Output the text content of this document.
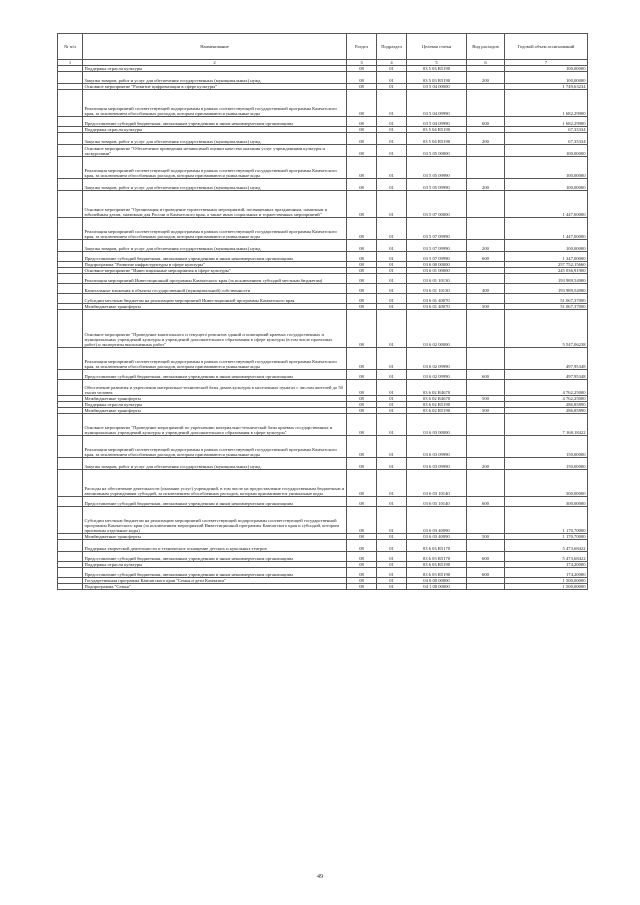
№ п/п	Наименование	Раздел	Подраздел	Целевая статья	Вид расходов	Годовой объем ассигнований
1	2	3	4	5	6	7
	Поддержка отрасли культуры	08	01	03 5 03 R5190		100,00000
	Закупка товаров, работ и услуг для обеспечения государственных (муниципальных) нужд	08	01	03 5 03 R5190	200	100,00000
	Основное мероприятие "Развитие цифровизации в сфере культуры"	08	01	03 5 04 00000		1 749,63234
	Реализация мероприятий соответствующей подпрограммы в рамках соответствующей государственной программы Камчатского края, за исключением обособленных расходов, которым присваиваются уникальные коды	08	01	03 5 04 09990		1 682,29900
	Предоставление субсидий бюджетным, автономным учреждениям и иным некоммерческим организациям	08	01	03 5 04 09990	600	1 682,29900
	Поддержка отрасли культуры	08	01	03 5 04 R5190		67,33334
	Закупка товаров, работ и услуг для обеспечения государственных (муниципальных) нужд	08	01	03 5 04 R5190	200	67,33334
	Основное мероприятие "Обеспечение проведения независимой оценки качества оказания услуг учреждениями культуры и экскурсиями"	08	01	03 5 05 00000		100,00000
	Реализация мероприятий соответствующей подпрограммы в рамках соответствующей государственной программы Камчатского края, за исключением обособленных расходов, которым присваиваются уникальные коды	08	01	03 5 05 09990		100,00000
	Закупка товаров, работ и услуг для обеспечения государственных (муниципальных) нужд	08	01	03 5 05 09990	200	100,00000
	Основное мероприятие "Организация и проведение торжественных мероприятий, посвященных праздничным, памятным и юбилейным датам, значимым для России и Камчатского края, а также иных социальных и торжественных мероприятий"	08	01	03 5 07 00000		1 447,00000
	Реализация мероприятий соответствующей подпрограммы в рамках соответствующей государственной программы Камчатского края, за исключением обособленных расходов, которым присваиваются уникальные коды	08	01	03 5 07 09990		1 447,00000
	Закупка товаров, работ и услуг для обеспечения государственных (муниципальных) нужд	08	01	03 5 07 09990	200	100,00000
	Предоставление субсидий бюджетным, автономным учреждениям и иным некоммерческим организациям	08	01	03 5 07 09990	600	1 347,00000
	Подпрограмма "Развитие инфраструктуры в сфере культуры"	08	01	03 6 00 00000		257 752,15660
	Основное мероприятие "Инвестиционные мероприятия в сфере культуры"	08	01	03 6 01 00000		245 036,91900
	Реализация мероприятий Инвестиционной программы Камчатского края (за исключением субсидий местным бюджетам)	08	01	03 6 01 10130		193 989,54900
	Капитальные вложения в объекты государственной (муниципальной) собственности	08	01	03 6 01 10130	400	193 989,54900
	Субсидии местным бюджетам на реализацию мероприятий Инвестиционной программы Камчатского края	08	01	03 6 01 40070		51 067,37000
	Межбюджетные трансферты	08	01	03 6 01 40070	500	51 067,37000
	Основное мероприятие "Проведение капитального и текущего ремонтов зданий и помещений краевых государственных и муниципальных учреждений культуры и учреждений дополнительного образования в сфере культуры (в том числе проектных работ) и экспертизы выполненных работ"	08	01	03 6 02 00000		5 547,06238
	Реализация мероприятий соответствующей подпрограммы в рамках соответствующей государственной программы Камчатского края, за исключением обособленных расходов, которым присваиваются уникальные коды	08	01	03 6 02 09990		497,95348
	Предоставление субсидий бюджетным, автономным учреждениям и иным некоммерческим организациям	08	01	03 6 02 09990	600	497,95348
	Обеспечение развития и укрепления материально-технической базы домов культуры в населенных пунктах с числом жителей до 50 тысяч человек	08	01	03 6 02 R4670		4 762,25000
	Межбюджетные трансферты	08	01	03 6 02 R4670	500	4 762,25000
	Поддержка отрасли культуры	08	01	03 6 02 R5190		286,85890
	Межбюджетные трансферты	08	01	03 6 02 R5190	500	286,85890
	Основное мероприятие "Проведение мероприятий по укреплению материально-технической базы краевых государственных и муниципальных учреждений культуры и учреждений дополнительного образования в сфере культуры"	08	01	03 6 03 00000		7 168,18422
	Реализация мероприятий соответствующей подпрограммы в рамках соответствующей государственной программы Камчатского края, за исключением обособленных расходов, которым присваиваются уникальные коды	08	01	03 6 03 09990		150,00000
	Закупка товаров, работ и услуг для обеспечения государственных (муниципальных) нужд	08	01	03 6 03 09990	200	150,00000
	Расходы на обеспечение деятельности (оказание услуг) учреждений, в том числе на предоставление государственным бюджетным и автономным учреждениям субсидий, за исключением обособленных расходов, которым присваиваются уникальные коды	08	01	03 6 03 10140		300,00000
	Предоставление субсидий бюджетным, автономным учреждениям и иным некоммерческим организациям	08	01	03 6 03 10140	600	300,00000
	Субсидии местным бюджетам на реализацию мероприятий соответствующей подпрограммы соответствующей государственной программы Камчатского края (за исключением мероприятий Инвестиционной программы Камчатского края и субсидий, которым присвоены отдельные коды)	08	01	03 6 03 40090		1 170,70000
	Межбюджетные трансферты	08	01	03 6 03 40090	500	1 170,70000
	Поддержка творческой деятельности и техническое оснащение детских и кукольных театров	08	01	03 6 03 R5170		5 473,68422
	Предоставление субсидий бюджетным, автономным учреждениям и иным некоммерческим организациям	08	01	03 6 03 R5170	600	5 473,68422
	Поддержка отрасли культуры	08	01	03 6 03 R5190		174,20000
	Предоставление субсидий бюджетным, автономным учреждениям и иным некоммерческим организациям	08	01	03 6 03 R5190	600	174,20000
	Государственная программа Камчатского края "Семья и дети Камчатки"	08	01	04 0 00 00000		1 500,00000
	Подпрограмма "Семья"	08	01	04 1 00 00000		1 500,00000
49
